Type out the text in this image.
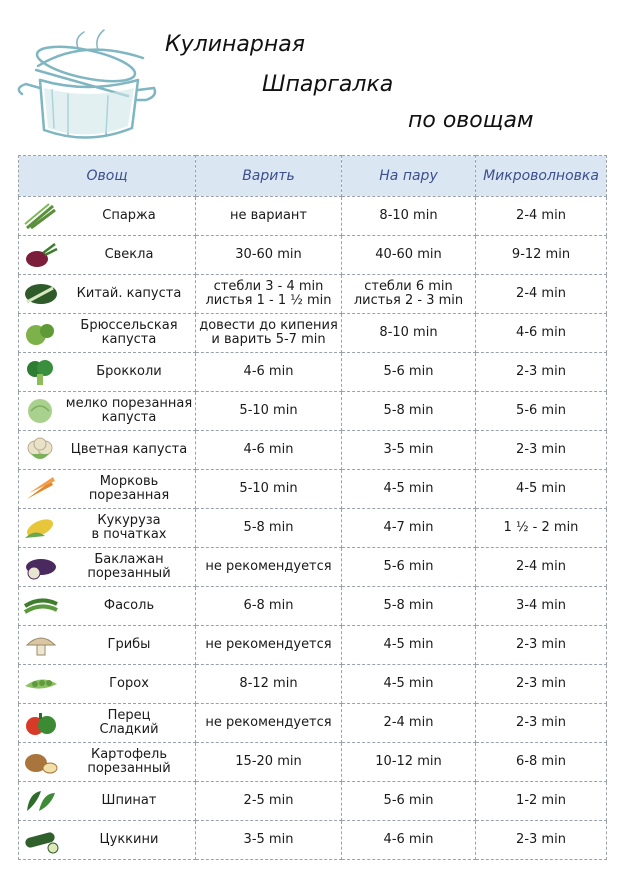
Кулинарная
Шпаргалка
по овощам
Овощ	Варить	На пару	Микроволновка

Спаржа	не вариант	8-10 min	2-4 min

Свекла	30-60 min	40-60 min	9-12 min

Китай. капуста	стебли 3 - 4 min
листья 1 - 1 ½ min	стебли 6 min
листья 2 - 3 min	2-4 min

Брюссельская
капуста	довести до кипения
и варить 5-7 min	8-10 min	4-6 min

Брокколи	4-6 min	5-6 min	2-3 min

мелко порезанная
капуста	5-10 min	5-8 min	5-6 min

Цветная капуста	4-6 min	3-5 min	2-3 min

Морковь
порезанная	5-10 min	4-5 min	4-5 min

Кукуруза
в початках	5-8 min	4-7 min	1 ½ - 2 min

Баклажан
порезанный	не рекомендуется	5-6 min	2-4 min

Фасоль	6-8 min	5-8 min	3-4 min

Грибы	не рекомендуется	4-5 min	2-3 min

Горох	8-12 min	4-5 min	2-3 min

Перец
Сладкий	не рекомендуется	2-4 min	2-3 min

Картофель
порезанный	15-20 min	10-12 min	6-8 min

Шпинат	2-5 min	5-6 min	1-2 min

Цуккини	3-5 min	4-6 min	2-3 min
